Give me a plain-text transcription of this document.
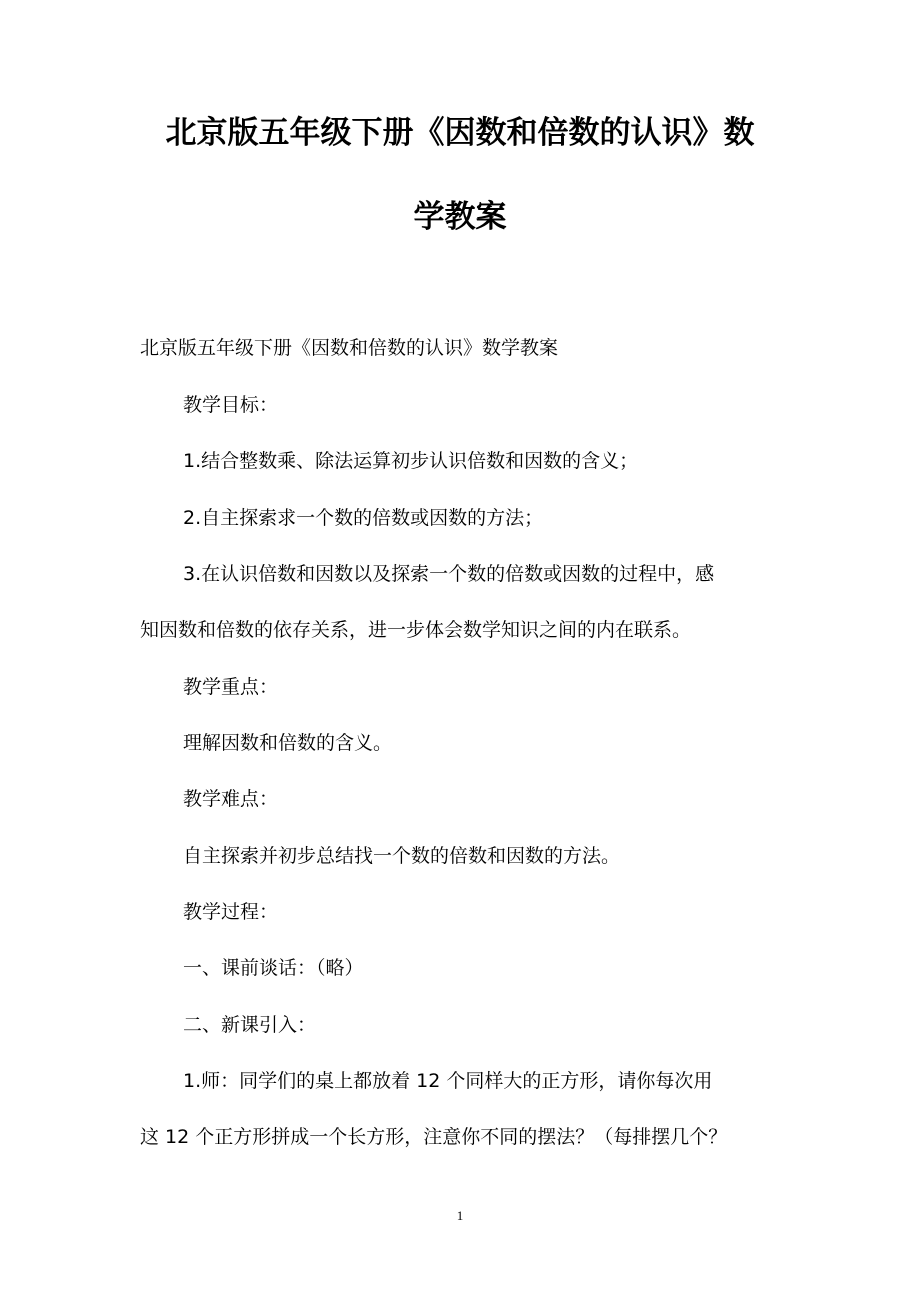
北京版五年级下册《因数和倍数的认识》数
学教案
北京版五年级下册《因数和倍数的认识》数学教案
教学目标：
1.结合整数乘、除法运算初步认识倍数和因数的含义；
2.自主探索求一个数的倍数或因数的方法；
3.在认识倍数和因数以及探索一个数的倍数或因数的过程中，感
知因数和倍数的依存关系，进一步体会数学知识之间的内在联系。
教学重点：
理解因数和倍数的含义。
教学难点：
自主探索并初步总结找一个数的倍数和因数的方法。
教学过程：
一、课前谈话：（略）
二、新课引入：
1.师：同学们的桌上都放着 12 个同样大的正方形，请你每次用
这 12 个正方形拼成一个长方形，注意你不同的摆法？（每排摆几个？
1
